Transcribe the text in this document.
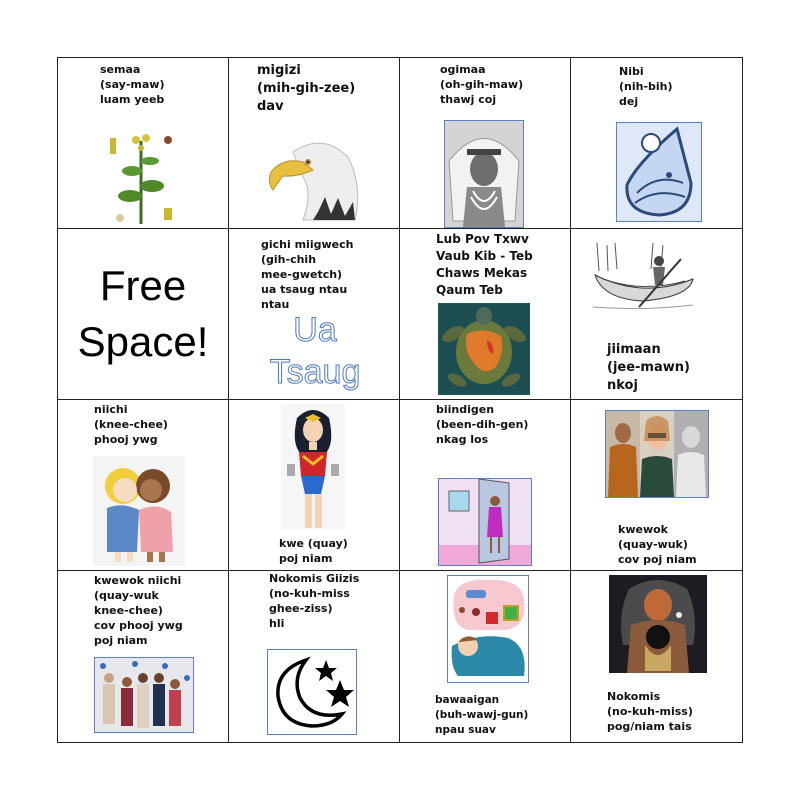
semaa
(say-maw)
luam yeeb
migizi
(mih-gih-zee)
dav
ogimaa
(oh-gih-maw)
thawj coj
Nibi
(nih-bih)
dej
Free
Space!
gichi miigwech
(gih-chih
mee-gwetch)
ua tsaug ntau
ntau
Ua
Tsaug
Lub Pov Txwv
Vaub Kib - Teb
Chaws Mekas
Qaum Teb
jiimaan
(jee-mawn)
nkoj
niichi
(knee-chee)
phooj ywg
kwe (quay)
poj niam
biindigen
(been-dih-gen)
nkag los
kwewok
(quay-wuk)
cov poj niam
kwewok niichi
(quay-wuk
knee-chee)
cov phooj ywg
poj niam
Nokomis Giizis
(no-kuh-miss
ghee-ziss)
hli
bawaaigan
(buh-wawj-gun)
npau suav
Nokomis
(no-kuh-miss)
pog/niam tais
